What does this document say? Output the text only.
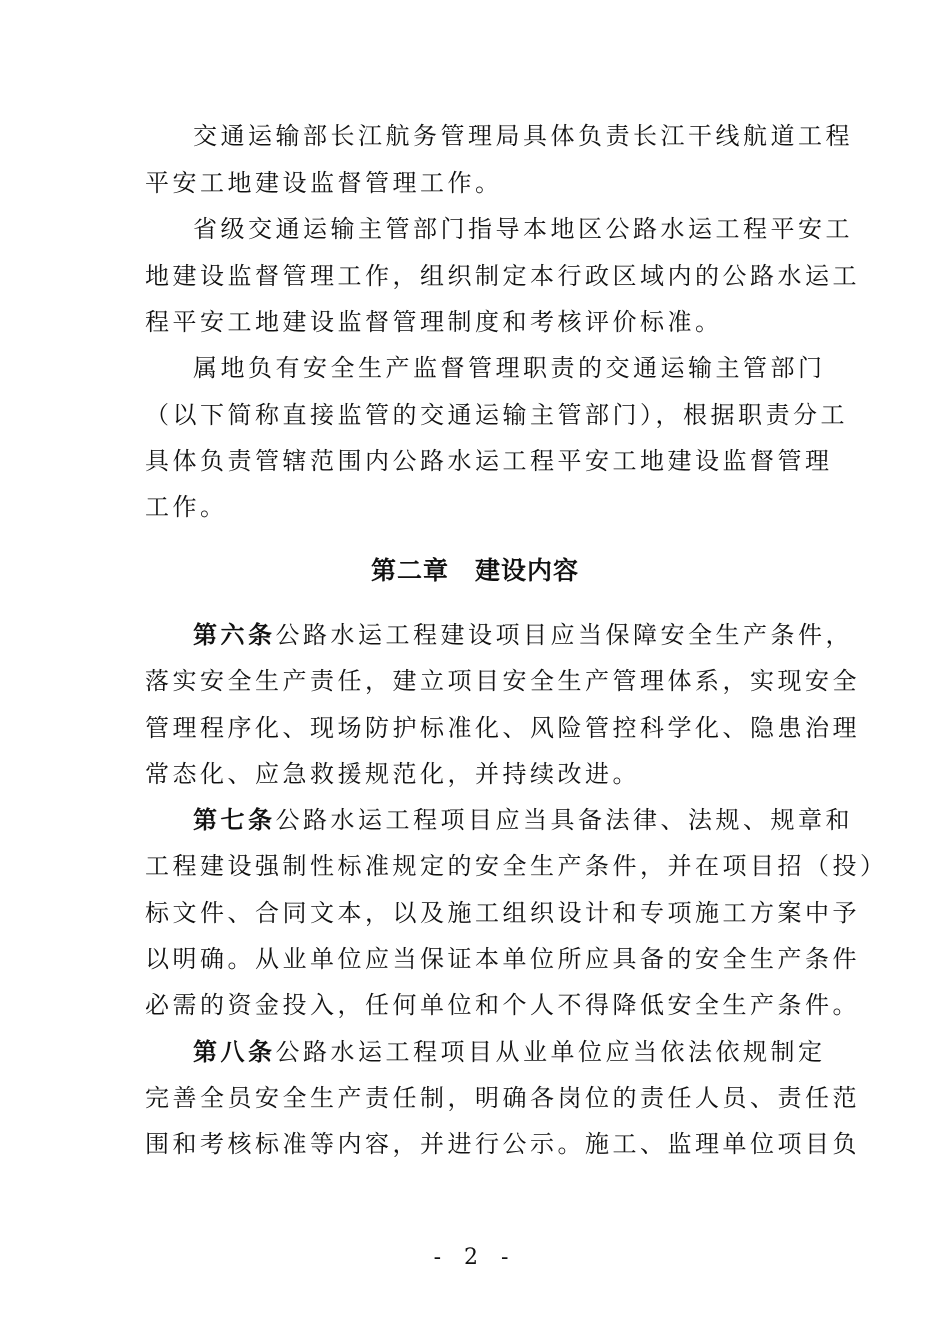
交通运输部长江航务管理局具体负责长江干线航道工程
平安工地建设监督管理工作。
省级交通运输主管部门指导本地区公路水运工程平安工
地建设监督管理工作，组织制定本行政区域内的公路水运工
程平安工地建设监督管理制度和考核评价标准。
属地负有安全生产监督管理职责的交通运输主管部门
（以下简称直接监管的交通运输主管部门），根据职责分工
具体负责管辖范围内公路水运工程平安工地建设监督管理
工作。
第二章　建设内容
第六条公路水运工程建设项目应当保障安全生产条件，
落实安全生产责任，建立项目安全生产管理体系，实现安全
管理程序化、现场防护标准化、风险管控科学化、隐患治理
常态化、应急救援规范化，并持续改进。
第七条公路水运工程项目应当具备法律、法规、规章和
工程建设强制性标准规定的安全生产条件，并在项目招（投）
标文件、合同文本，以及施工组织设计和专项施工方案中予
以明确。从业单位应当保证本单位所应具备的安全生产条件
必需的资金投入，任何单位和个人不得降低安全生产条件。
第八条公路水运工程项目从业单位应当依法依规制定
完善全员安全生产责任制，明确各岗位的责任人员、责任范
围和考核标准等内容，并进行公示。施工、监理单位项目负
- 2 -
